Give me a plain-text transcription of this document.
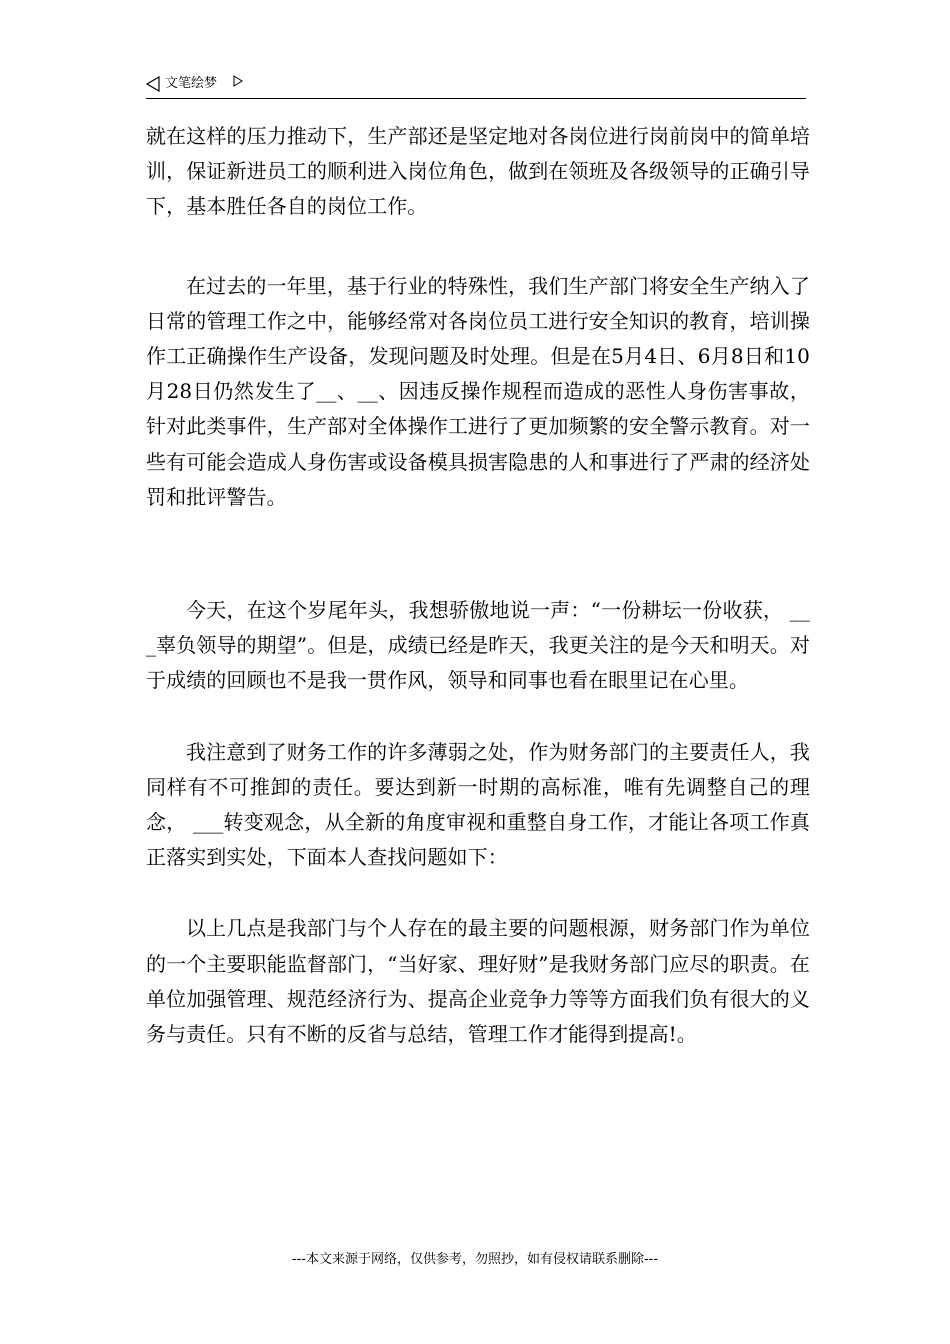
文笔绘梦

就在这样的压力推动下，生产部还是坚定地对各岗位进行岗前岗中的简单培训，保证新进员工的顺利进入岗位角色，做到在领班及各级领导的正确引导下，基本胜任各自的岗位工作。

在过去的一年里，基于行业的特殊性，我们生产部门将安全生产纳入了日常的管理工作之中，能够经常对各岗位员工进行安全知识的教育，培训操作工正确操作生产设备，发现问题及时处理。但是在5月4日、6月8日和10月28日仍然发生了__、__、因违反操作规程而造成的恶性人身伤害事故，针对此类事件，生产部对全体操作工进行了更加频繁的安全警示教育。对一些有可能会造成人身伤害或设备模具损害隐患的人和事进行了严肃的经济处罚和批评警告。

今天，在这个岁尾年头，我想骄傲地说一声：“一份耕坛一份收获， ___辜负领导的期望”。但是，成绩已经是昨天，我更关注的是今天和明天。对于成绩的回顾也不是我一贯作风，领导和同事也看在眼里记在心里。

我注意到了财务工作的许多薄弱之处，作为财务部门的主要责任人，我同样有不可推卸的责任。要达到新一时期的高标准，唯有先调整自己的理念， ___转变观念，从全新的角度审视和重整自身工作，才能让各项工作真正落实到实处，下面本人查找问题如下：

以上几点是我部门与个人存在的最主要的问题根源，财务部门作为单位的一个主要职能监督部门，“当好家、理好财”是我财务部门应尽的职责。在单位加强管理、规范经济行为、提高企业竞争力等等方面我们负有很大的义务与责任。只有不断的反省与总结，管理工作才能得到提高!。

---本文来源于网络，仅供参考，勿照抄，如有侵权请联系删除---
